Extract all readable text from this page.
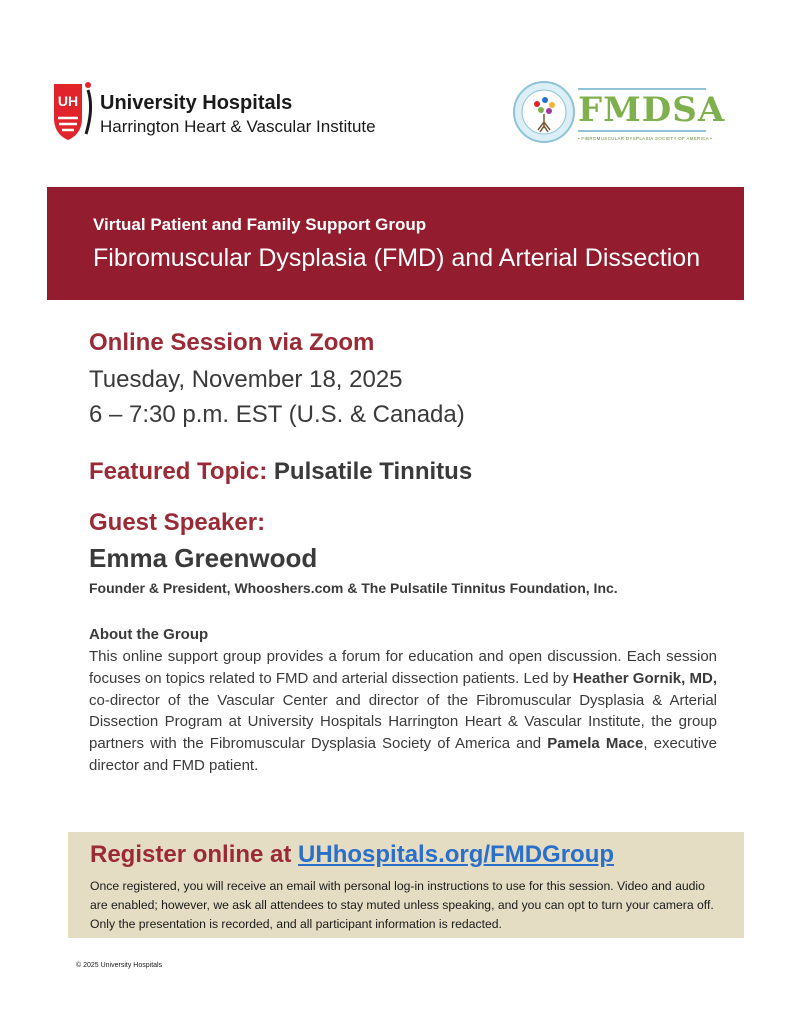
UH University Hospitals
Harrington Heart & Vascular Institute	FMDSA
• FIBROMUSCULAR DYSPLASIA SOCIETY OF AMERICA •
Virtual Patient and Family Support Group
Fibromuscular Dysplasia (FMD) and Arterial Dissection
Online Session via Zoom
Tuesday, November 18, 2025
6 – 7:30 p.m. EST (U.S. & Canada)
Featured Topic: Pulsatile Tinnitus
Guest Speaker:
Emma Greenwood
Founder & President, Whooshers.com & The Pulsatile Tinnitus Foundation, Inc.
About the Group
This online support group provides a forum for education and open discussion. Each session focuses on topics related to FMD and arterial dissection patients. Led by Heather Gornik, MD, co-director of the Vascular Center and director of the Fibromuscular Dysplasia & Arterial Dissection Program at University Hospitals Harrington Heart & Vascular Institute, the group partners with the Fibromuscular Dysplasia Society of America and Pamela Mace, executive director and FMD patient.
Register online at UHhospitals.org/FMDGroup
Once registered, you will receive an email with personal log-in instructions to use for this session. Video and audio are enabled; however, we ask all attendees to stay muted unless speaking, and you can opt to turn your camera off. Only the presentation is recorded, and all participant information is redacted.
© 2025 University Hospitals
